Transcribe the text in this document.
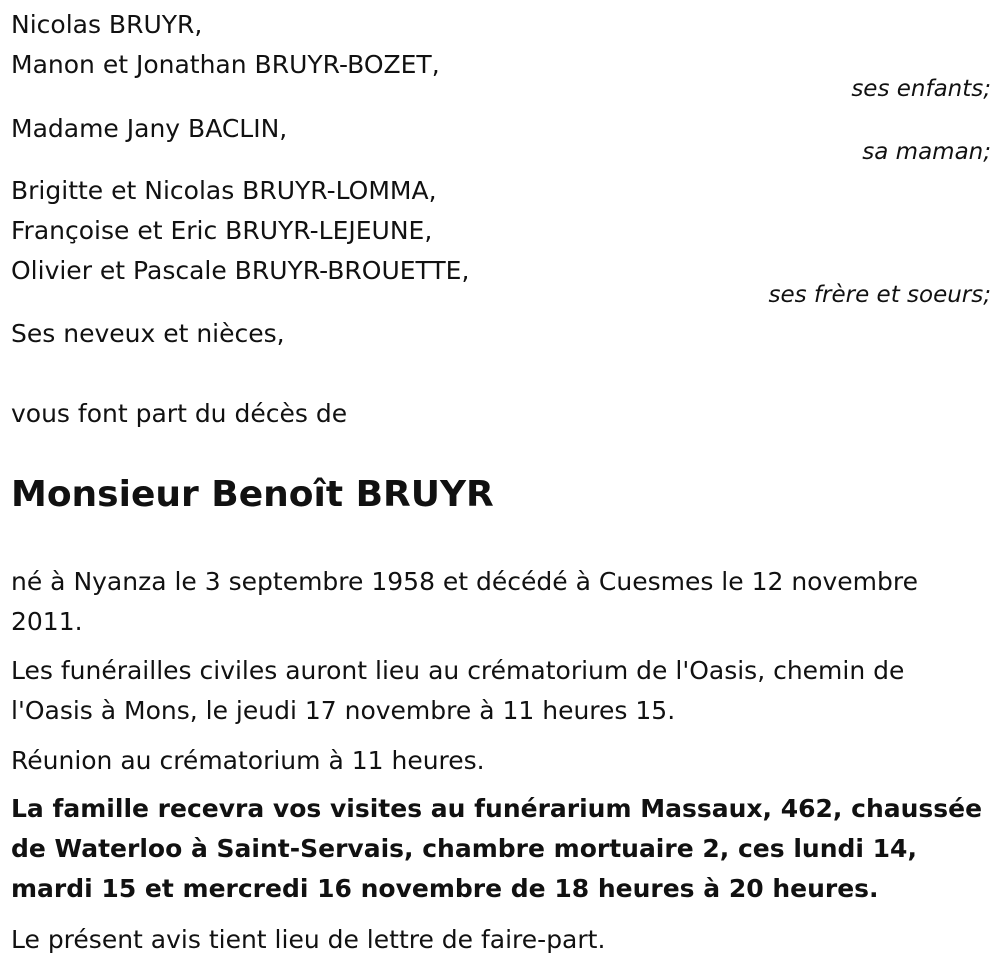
Nicolas BRUYR,

Manon et Jonathan BRUYR-BOZET,

ses enfants;

Madame Jany BACLIN,

sa maman;

Brigitte et Nicolas BRUYR-LOMMA,

Françoise et Eric BRUYR-LEJEUNE,

Olivier et Pascale BRUYR-BROUETTE,

ses frère et soeurs;

Ses neveux et nièces,

vous font part du décès de

Monsieur Benoît BRUYR

né à Nyanza le 3 septembre 1958 et décédé à Cuesmes le 12 novembre 2011.

Les funérailles civiles auront lieu au crématorium de l'Oasis, chemin de l'Oasis à Mons, le jeudi 17 novembre à 11 heures 15.

Réunion au crématorium à 11 heures.

La famille recevra vos visites au funérarium Massaux, 462, chaussée de Waterloo à Saint-Servais, chambre mortuaire 2, ces lundi 14, mardi 15 et mercredi 16 novembre de 18 heures à 20 heures.

Le présent avis tient lieu de lettre de faire-part.
